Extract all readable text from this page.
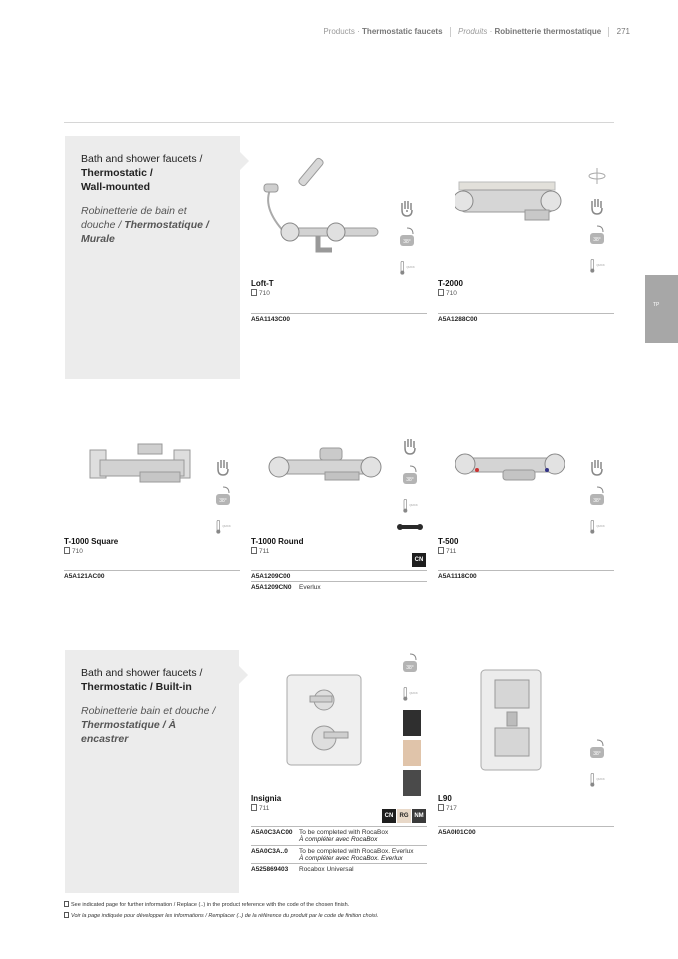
Products · Thermostatic faucets Produits · Robinetterie thermostatique 271
TP
Bath and shower faucets /
Thermostatic /
Wall-mounted
Robinetterie de bain et
douche / Thermostatique /
Murale
Bath and shower faucets /
Thermostatic / Built-in
Robinetterie bain et douche /
Thermostatique / À encastrer
38°
QUICK
38°
QUICK
38°
QUICK
38°
QUICK
38°
QUICK
38°
QUICK
38°
QUICK
Loft-T
710
A5A1143C00
T-2000
710
A5A1288C00
T-1000 Square
710
A5A121AC00
T-1000 Round
711
CN
A5A1209C00
A5A1209CN0 Everlux
T-500
711
A5A1118C00
Insignia
711
CN	RG NM
A5A0C3AC00 To be completed with RocaBox
À compléter avec RocaBox
A5A0C3A..0 To be completed with RocaBox. Everlux
À compléter avec RocaBox. Everlux
A525869403 Rocabox Universal
L90
717
A5A0I01C00
See indicated page for further information / Replace (..) in the product reference with the code of the chosen finish.
Voir la page indiquée pour développer les informations / Remplacer (..) de la référence du produit par le code de finition choisi.
